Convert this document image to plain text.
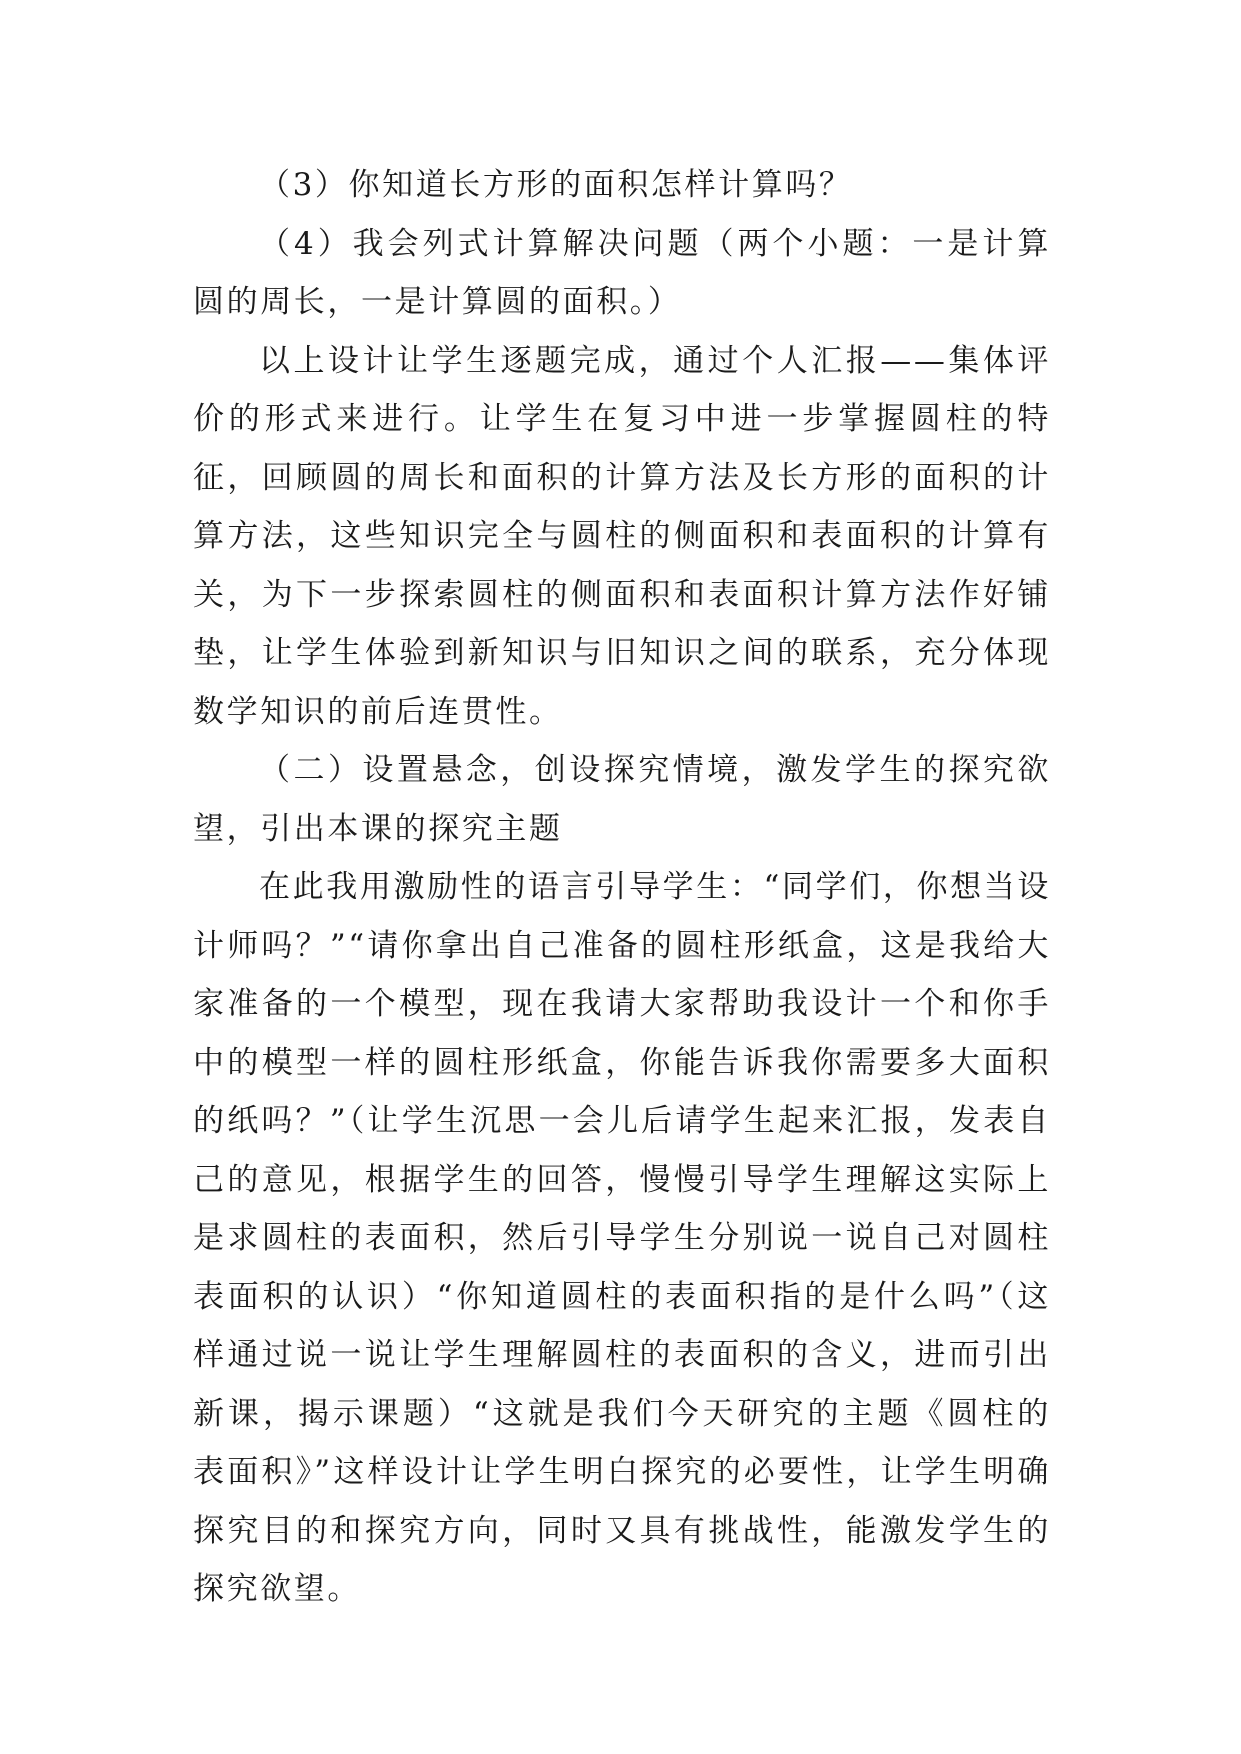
（3）你知道长方形的面积怎样计算吗？

（4）我会列式计算解决问题（两个小题：一是计算圆的周长，一是计算圆的面积。）

以上设计让学生逐题完成，通过个人汇报——集体评价的形式来进行。让学生在复习中进一步掌握圆柱的特征，回顾圆的周长和面积的计算方法及长方形的面积的计算方法，这些知识完全与圆柱的侧面积和表面积的计算有关，为下一步探索圆柱的侧面积和表面积计算方法作好铺垫，让学生体验到新知识与旧知识之间的联系，充分体现数学知识的前后连贯性。

（二）设置悬念，创设探究情境，激发学生的探究欲望，引出本课的探究主题

在此我用激励性的语言引导学生：“同学们，你想当设计师吗？”“请你拿出自己准备的圆柱形纸盒，这是我给大家准备的一个模型，现在我请大家帮助我设计一个和你手中的模型一样的圆柱形纸盒，你能告诉我你需要多大面积的纸吗？”（让学生沉思一会儿后请学生起来汇报，发表自己的意见，根据学生的回答，慢慢引导学生理解这实际上是求圆柱的表面积，然后引导学生分别说一说自己对圆柱表面积的认识）“你知道圆柱的表面积指的是什么吗”（这样通过说一说让学生理解圆柱的表面积的含义，进而引出新课，揭示课题）“这就是我们今天研究的主题《圆柱的表面积》”这样设计让学生明白探究的必要性，让学生明确探究目的和探究方向，同时又具有挑战性，能激发学生的探究欲望。
